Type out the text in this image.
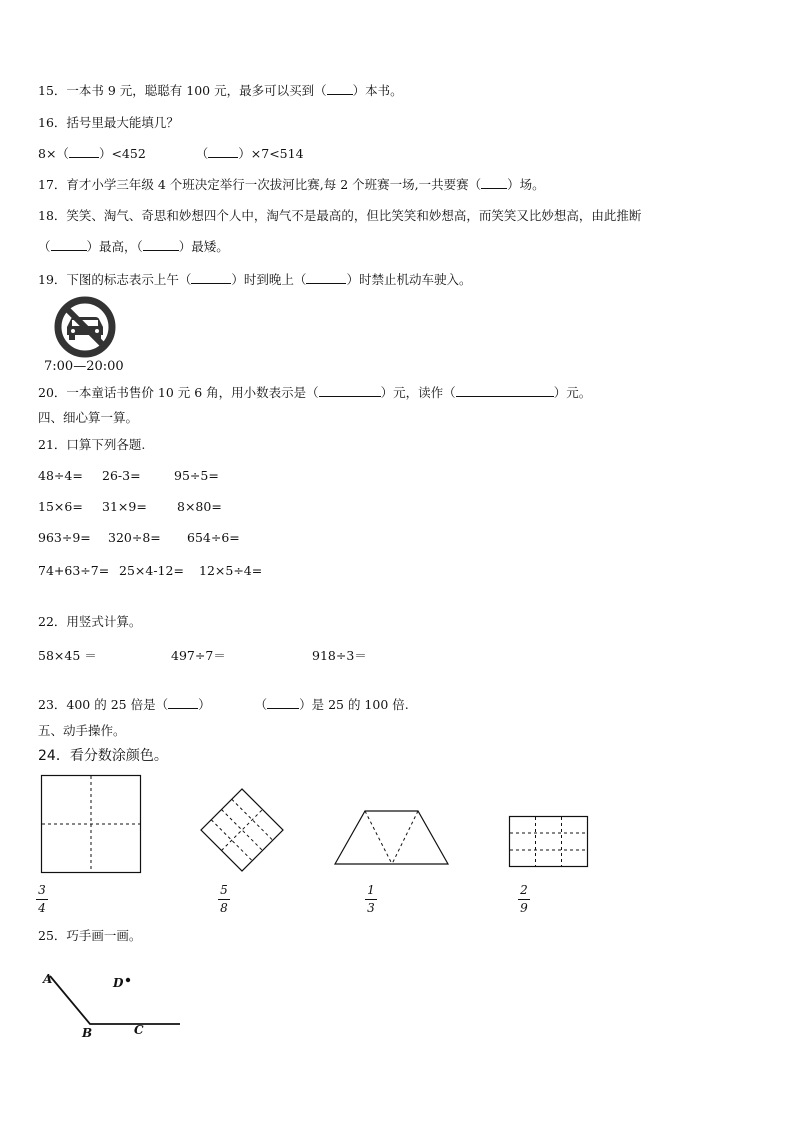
15．一本书 9 元，聪聪有 100 元，最多可以买到（ ）本书。
16．括号里最大能填几？
8×（ ）<452	（ ）×7<514
17．育才小学三年级 4 个班决定举行一次拔河比赛,每 2 个班赛一场,一共要赛（ ）场。
18．笑笑、淘气、奇思和妙想四个人中，淘气不是最高的，但比笑笑和妙想高，而笑笑又比妙想高，由此推断
（	）最高，（	）最矮。
19．下图的标志表示上午（	）时到晚上（	）时禁止机动车驶入。
7:00—20:00
20．一本童话书售价 10 元 6 角，用小数表示是（	）元，读作（	）元。
四、细心算一算。
21．口算下列各题.
48÷4= 26-3=	95÷5=
15×6= 31×9= 8×80=
963÷9= 320÷8= 654÷6=
74+63÷7= 25×4-12= 12×5÷4=
22．用竖式计算。
58×45 ＝	497÷7＝	918÷3＝
23．400 的 25 倍是（ ）	（	）是 25 的 100 倍.
五、动手操作。
24．看分数涂颜色。
3
4
5
8
1
3
2
9
25．巧手画一画。
A	D
B	C
